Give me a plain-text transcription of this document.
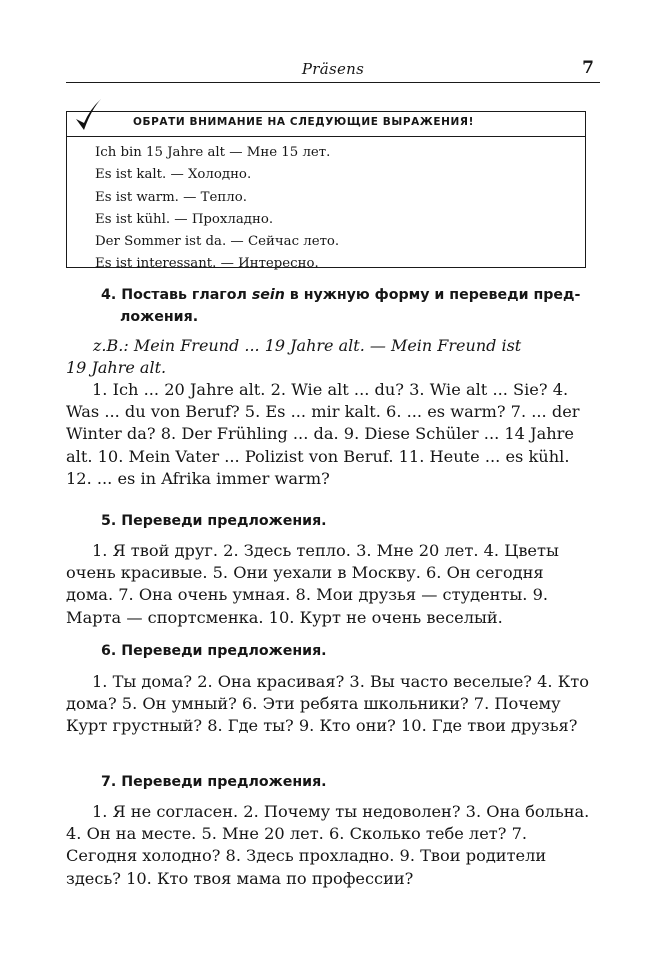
Präsens	7
ОБРАТИ ВНИМАНИЕ НА СЛЕДУЮЩИЕ ВЫРАЖЕНИЯ!
Ich bin 15 Jahre alt — Мне 15 лет.
Es ist kalt. — Холодно.
Es ist warm. — Тепло.
Es ist kühl. — Прохладно.
Der Sommer ist da. — Сейчас лето.
Es ist interessant. — Интересно.
4. Поставь глагол sein в нужную форму и переведи пред-
ложения.
z.B.: Mein Freund ... 19 Jahre alt. — Mein Freund ist
19 Jahre alt.

1. Ich ... 20 Jahre alt. 2. Wie alt ... du? 3. Wie alt ... Sie? 4. Was ... du von Beruf? 5. Es ... mir kalt. 6. ... es warm? 7. ... der Winter da? 8. Der Frühling ... da. 9. Diese Schüler ... 14 Jahre alt. 10. Mein Vater ... Polizist von Beruf. 11. Heute ... es kühl. 12. ... es in Afrika immer warm?

5. Переведи предложения.

1. Я твой друг. 2. Здесь тепло. 3. Мне 20 лет. 4. Цветы очень красивые. 5. Они уехали в Москву. 6. Он сегодня дома. 7. Она очень умная. 8. Мои друзья — студенты. 9. Марта — спортсменка. 10. Курт не очень веселый.

6. Переведи предложения.

1. Ты дома? 2. Она красивая? 3. Вы часто веселые? 4. Кто дома? 5. Он умный? 6. Эти ребята школьники? 7. Почему Курт грустный? 8. Где ты? 9. Кто они? 10. Где твои друзья?

7. Переведи предложения.

1. Я не согласен. 2. Почему ты недоволен? 3. Она больна. 4. Он на месте. 5. Мне 20 лет. 6. Сколько тебе лет? 7. Сегодня холодно? 8. Здесь прохладно. 9. Твои родители здесь? 10. Кто твоя мама по профессии?
